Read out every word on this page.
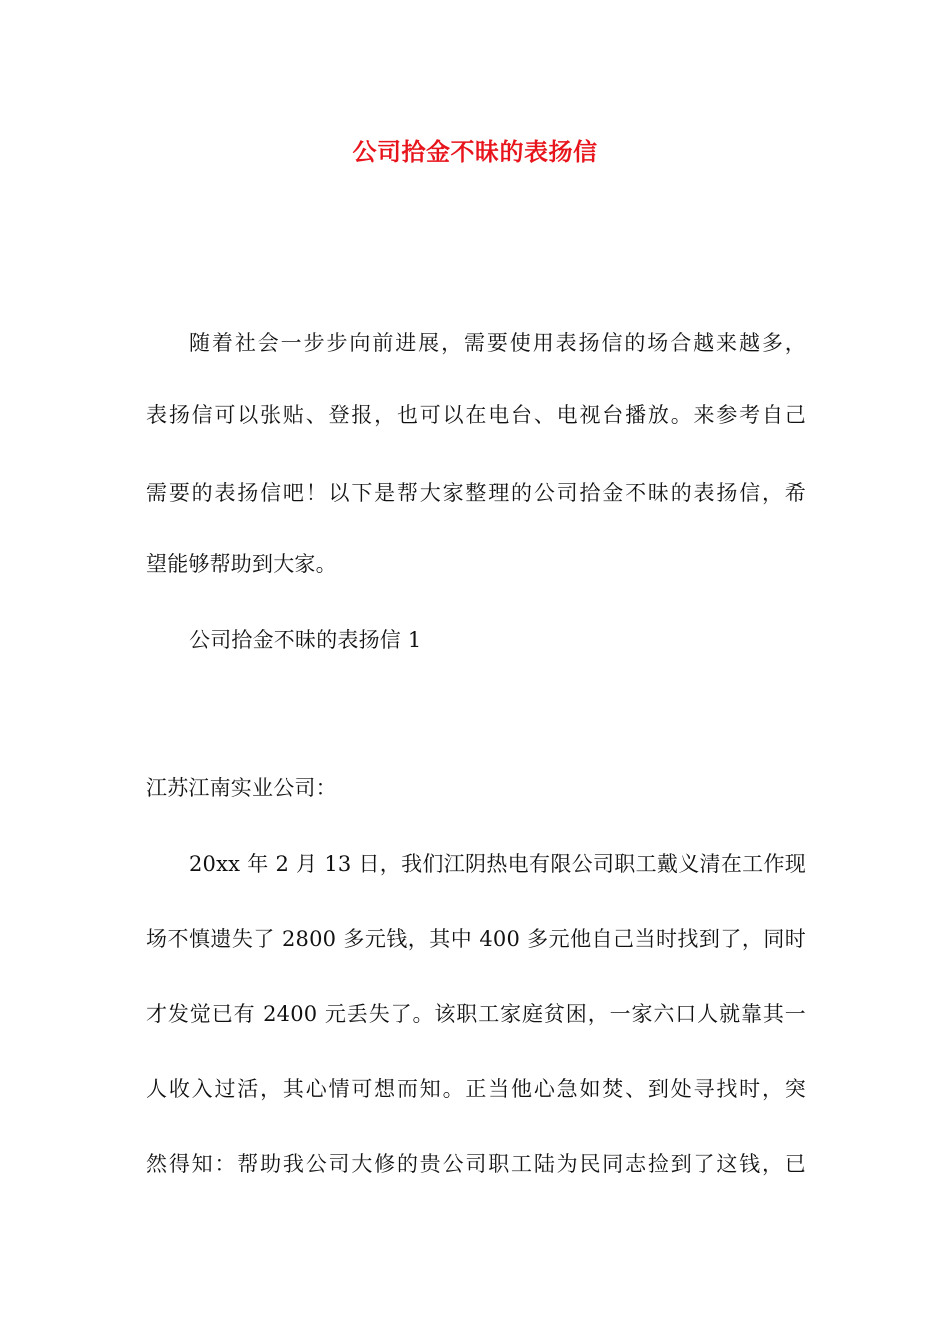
公司拾金不昧的表扬信
随着社会一步步向前进展，需要使用表扬信的场合越来越多，
表扬信可以张贴、登报，也可以在电台、电视台播放。来参考自己
需要的表扬信吧！以下是帮大家整理的公司拾金不昧的表扬信，希
望能够帮助到大家。
公司拾金不昧的表扬信 1
江苏江南实业公司：
20xx 年 2 月 13 日，我们江阴热电有限公司职工戴义清在工作现
场不慎遗失了 2800 多元钱，其中 400 多元他自己当时找到了，同时
才发觉已有 2400 元丢失了。该职工家庭贫困，一家六口人就靠其一
人收入过活，其心情可想而知。正当他心急如焚、到处寻找时，突
然得知：帮助我公司大修的贵公司职工陆为民同志捡到了这钱，已
